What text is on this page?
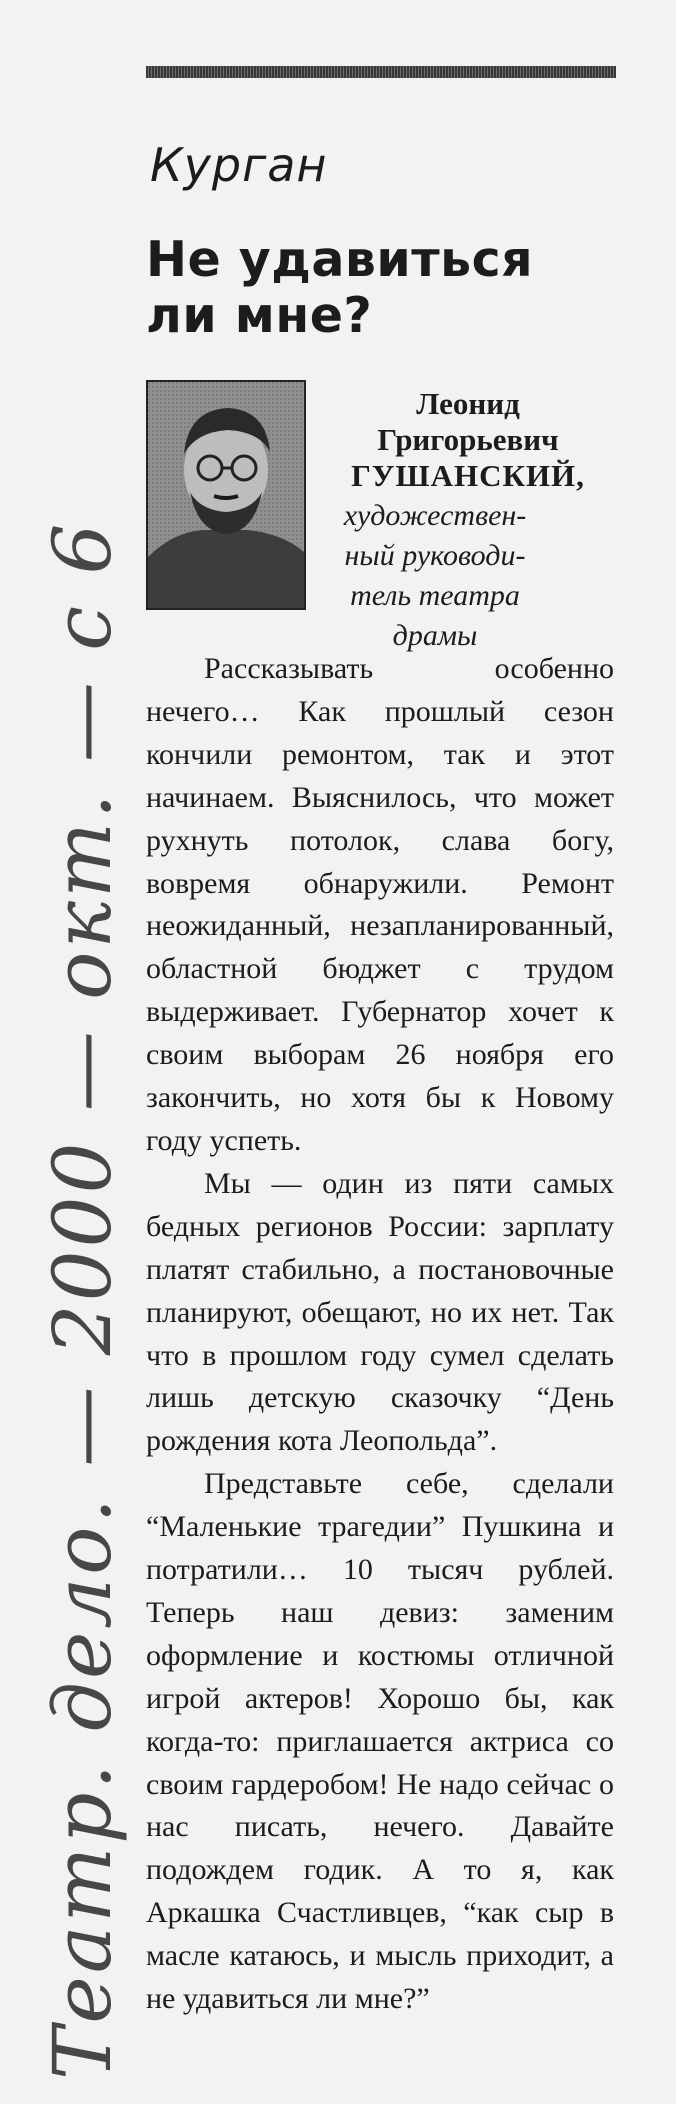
Курган
Не удавиться
ли мне?
Леонид
Григорьевич
ГУШАНСКИЙ,
художествен-
ный руководи-
тель театра
драмы

Рассказывать особенно нечего… Как прошлый сезон кончили ремонтом, так и этот начинаем. Выяснилось, что может рухнуть потолок, слава богу, вовремя обнаружили. Ремонт неожиданный, незапланированный, областной бюджет с трудом выдерживает. Губернатор хочет к своим выборам 26 ноября его закончить, но хотя бы к Новому году успеть.

Мы — один из пяти самых бедных регионов России: зарплату платят стабильно, а постановочные планируют, обещают, но их нет. Так что в прошлом году сумел сделать лишь детскую сказочку “День рождения кота Леопольда”.

Представьте себе, сделали “Маленькие трагедии” Пушкина и потратили… 10 тысяч рублей. Теперь наш девиз: заменим оформление и костюмы отличной игрой актеров! Хорошо бы, как когда-то: приглашается актриса со своим гардеробом! Не надо сейчас о нас писать, нечего. Давайте подождем годик. А то я, как Аркашка Счастливцев, “как сыр в масле катаюсь, и мысль приходит, а не удавиться ли мне?”

Театр. дело. — 2000 — окт. — с 6
